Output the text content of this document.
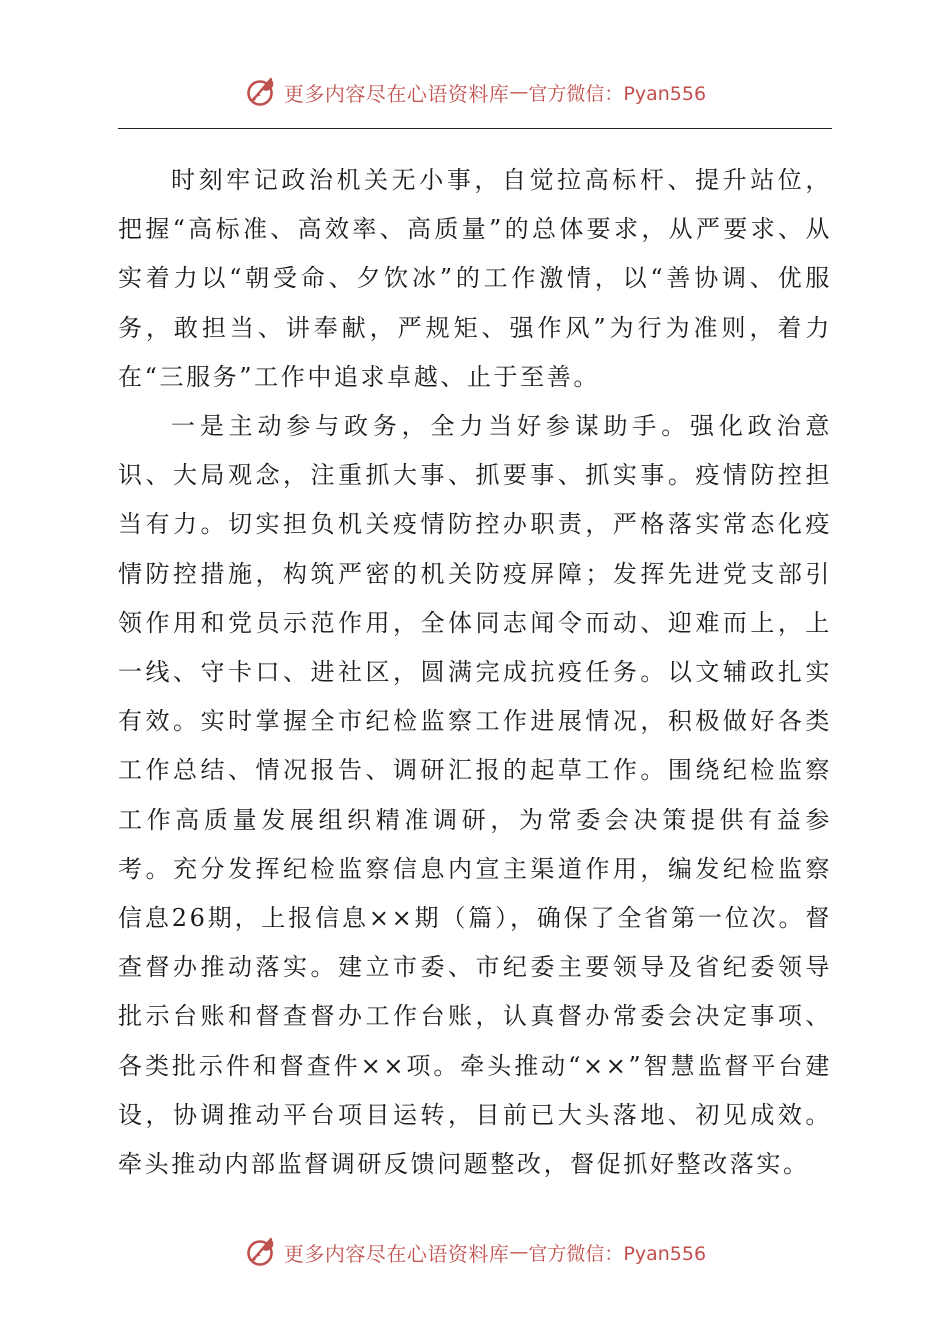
更多内容尽在心语资料库 — 官方微信：Pyan556

时刻牢记政治机关无小事，自觉拉高标杆、提升站位，把握“高标准、高效率、高质量”的总体要求，从严要求、从实着力以“朝受命、夕饮冰”的工作激情，以“善协调、优服务，敢担当、讲奉献，严规矩、强作风”为行为准则，着力在“三服务”工作中追求卓越、止于至善。

一是主动参与政务，全力当好参谋助手。强化政治意识、大局观念，注重抓大事、抓要事、抓实事。疫情防控担当有力。切实担负机关疫情防控办职责，严格落实常态化疫情防控措施，构筑严密的机关防疫屏障；发挥先进党支部引领作用和党员示范作用，全体同志闻令而动、迎难而上，上一线、守卡口、进社区，圆满完成抗疫任务。以文辅政扎实有效。实时掌握全市纪检监察工作进展情况，积极做好各类工作总结、情况报告、调研汇报的起草工作。围绕纪检监察工作高质量发展组织精准调研，为常委会决策提供有益参考。充分发挥纪检监察信息内宣主渠道作用，编发纪检监察信息26期，上报信息××期（篇），确保了全省第一位次。督查督办推动落实。建立市委、市纪委主要领导及省纪委领导批示台账和督查督办工作台账，认真督办常委会决定事项、各类批示件和督查件××项。牵头推动“××”智慧监督平台建设，协调推动平台项目运转，目前已大头落地、初见成效。牵头推动内部监督调研反馈问题整改，督促抓好整改落实。

更多内容尽在心语资料库 — 官方微信：Pyan556
